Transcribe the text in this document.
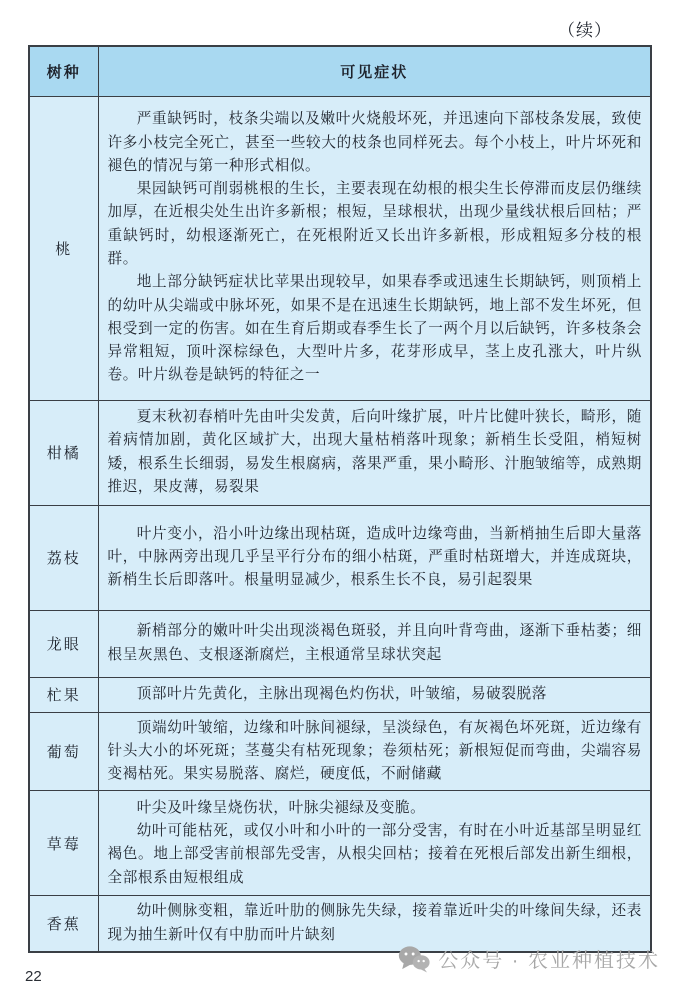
（续）
树种	可见症状
桃	严重缺钙时，枝条尖端以及嫩叶火烧般坏死，并迅速向下部枝条发展，致使许多小枝完全死亡，甚至一些较大的枝条也同样死去。每个小枝上，叶片坏死和褪色的情况与第一种形式相似。

果园缺钙可削弱桃根的生长，主要表现在幼根的根尖生长停滞而皮层仍继续加厚，在近根尖处生出许多新根；根短，呈球根状，出现少量线状根后回枯；严重缺钙时，幼根逐渐死亡，在死根附近又长出许多新根，形成粗短多分枝的根群。

地上部分缺钙症状比苹果出现较早，如果春季或迅速生长期缺钙，则顶梢上的幼叶从尖端或中脉坏死，如果不是在迅速生长期缺钙，地上部不发生坏死，但根受到一定的伤害。如在生育后期或春季生长了一两个月以后缺钙，许多枝条会异常粗短，顶叶深棕绿色，大型叶片多，花芽形成早，茎上皮孔涨大，叶片纵卷。叶片纵卷是缺钙的特征之一

柑橘	夏末秋初春梢叶先由叶尖发黄，后向叶缘扩展，叶片比健叶狭长，畸形，随着病情加剧，黄化区域扩大，出现大量枯梢落叶现象；新梢生长受阻，梢短树矮，根系生长细弱，易发生根腐病，落果严重，果小畸形、汁胞皱缩等，成熟期推迟，果皮薄，易裂果

荔枝	叶片变小，沿小叶边缘出现枯斑，造成叶边缘弯曲，当新梢抽生后即大量落叶，中脉两旁出现几乎呈平行分布的细小枯斑，严重时枯斑增大，并连成斑块，新梢生长后即落叶。根量明显减少，根系生长不良，易引起裂果

龙眼	新梢部分的嫩叶叶尖出现淡褐色斑驳，并且向叶背弯曲，逐渐下垂枯萎；细根呈灰黑色、支根逐渐腐烂，主根通常呈球状突起

杧果	顶部叶片先黄化，主脉出现褐色灼伤状，叶皱缩，易破裂脱落

葡萄	顶端幼叶皱缩，边缘和叶脉间褪绿，呈淡绿色，有灰褐色坏死斑，近边缘有针头大小的坏死斑；茎蔓尖有枯死现象；卷须枯死；新根短促而弯曲，尖端容易变褐枯死。果实易脱落、腐烂，硬度低，不耐储藏

草莓	叶尖及叶缘呈烧伤状，叶脉尖褪绿及变脆。

幼叶可能枯死，或仅小叶和小叶的一部分受害，有时在小叶近基部呈明显红褐色。地上部受害前根部先受害，从根尖回枯；接着在死根后部发出新生细根，全部根系由短根组成

香蕉	幼叶侧脉变粗，靠近叶肋的侧脉先失绿，接着靠近叶尖的叶缘间失绿，还表现为抽生新叶仅有中肋而叶片缺刻

公众号 · 农业种植技术
22
